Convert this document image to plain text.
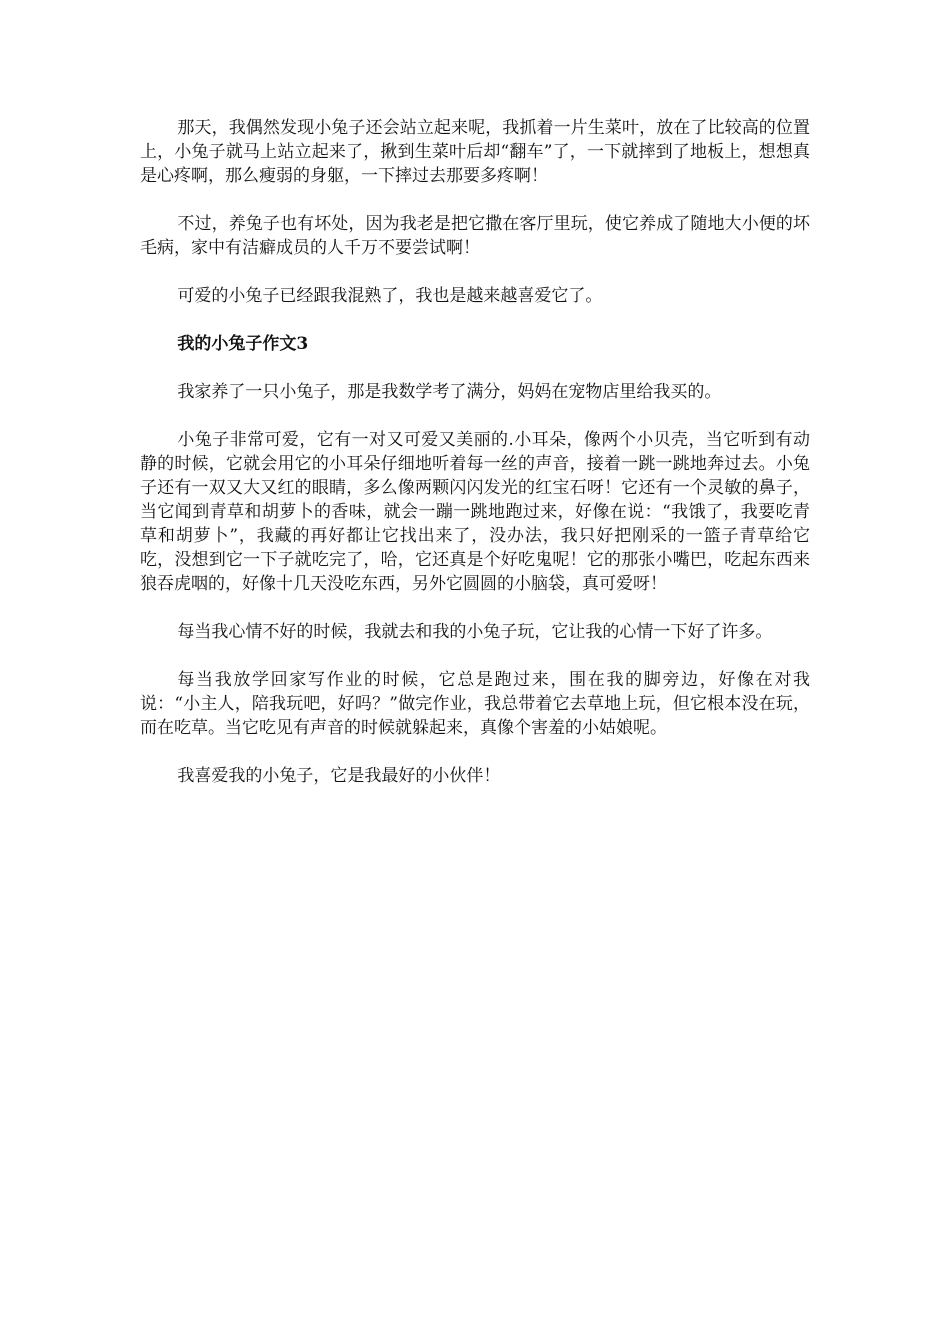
那天，我偶然发现小兔子还会站立起来呢，我抓着一片生菜叶，放在了比较高的位置上，小兔子就马上站立起来了，揪到生菜叶后却“翻车”了，一下就摔到了地板上，想想真是心疼啊，那么瘦弱的身躯，一下摔过去那要多疼啊！

不过，养兔子也有坏处，因为我老是把它撒在客厅里玩，使它养成了随地大小便的坏毛病，家中有洁癖成员的人千万不要尝试啊！

可爱的小兔子已经跟我混熟了，我也是越来越喜爱它了。

我的小兔子作文3

我家养了一只小兔子，那是我数学考了满分，妈妈在宠物店里给我买的。

小兔子非常可爱，它有一对又可爱又美丽的.小耳朵，像两个小贝壳，当它听到有动静的时候，它就会用它的小耳朵仔细地听着每一丝的声音，接着一跳一跳地奔过去。小兔子还有一双又大又红的眼睛，多么像两颗闪闪发光的红宝石呀！它还有一个灵敏的鼻子，当它闻到青草和胡萝卜的香味，就会一蹦一跳地跑过来，好像在说：“我饿了，我要吃青草和胡萝卜”，我藏的再好都让它找出来了，没办法，我只好把刚采的一篮子青草给它吃，没想到它一下子就吃完了，哈，它还真是个好吃鬼呢！它的那张小嘴巴，吃起东西来狼吞虎咽的，好像十几天没吃东西，另外它圆圆的小脑袋，真可爱呀！

每当我心情不好的时候，我就去和我的小兔子玩，它让我的心情一下好了许多。

每当我放学回家写作业的时候，它总是跑过来，围在我的脚旁边，好像在对我说：“小主人，陪我玩吧，好吗？”做完作业，我总带着它去草地上玩，但它根本没在玩，而在吃草。当它吃见有声音的时候就躲起来，真像个害羞的小姑娘呢。

我喜爱我的小兔子，它是我最好的小伙伴！
